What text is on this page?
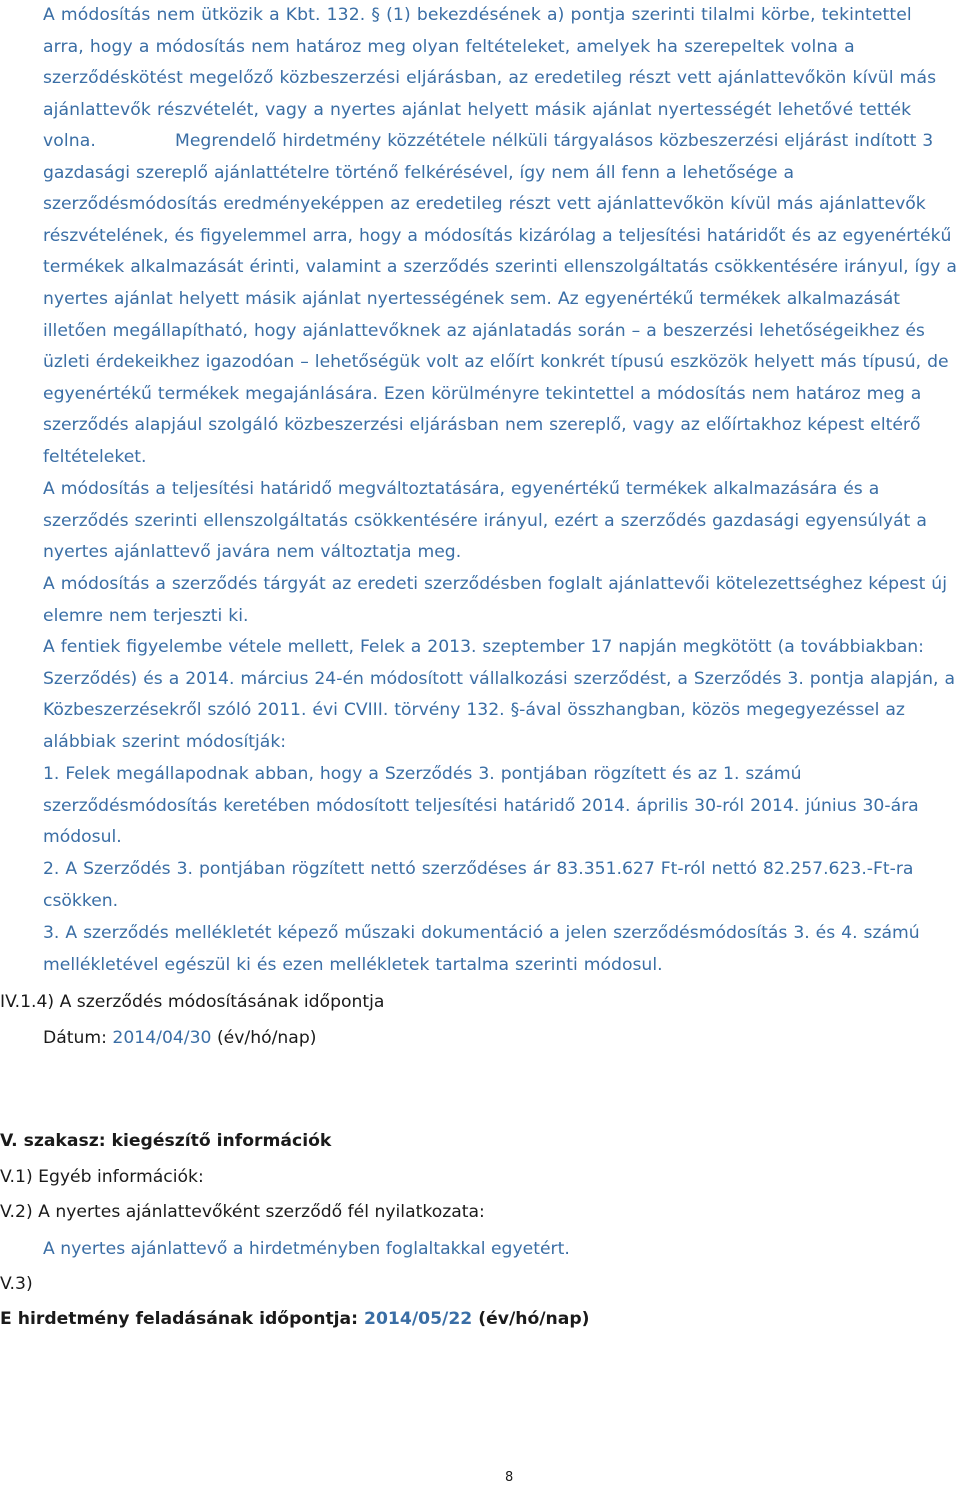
A módosítás nem ütközik a Kbt. 132. § (1) bekezdésének a) pontja szerinti tilalmi körbe, tekintettel arra, hogy a módosítás nem határoz meg olyan feltételeket, amelyek ha szerepeltek volna a szerződéskötést megelőző közbeszerzési eljárásban, az eredetileg részt vett ajánlattevőkön kívül más ajánlattevők részvételét, vagy a nyertes ajánlat helyett másik ajánlat nyertességét lehetővé tették volna.	Megrendelő hirdetmény közzététele nélküli tárgyalásos közbeszerzési eljárást indított 3 gazdasági szereplő ajánlattételre történő felkérésével, így nem áll fenn a lehetősége a szerződésmódosítás eredményeképpen az eredetileg részt vett ajánlattevőkön kívül más ajánlattevők részvételének, és figyelemmel arra, hogy a módosítás kizárólag a teljesítési határidőt és az egyenértékű termékek alkalmazását érinti, valamint a szerződés szerinti ellenszolgáltatás csökkentésére irányul, így a nyertes ajánlat helyett másik ajánlat nyertességének sem. Az egyenértékű termékek alkalmazását illetően megállapítható, hogy ajánlattevőknek az ajánlatadás során – a beszerzési lehetőségeikhez és üzleti érdekeikhez igazodóan – lehetőségük volt az előírt konkrét típusú eszközök helyett más típusú, de egyenértékű termékek megajánlására. Ezen körülményre tekintettel a módosítás nem határoz meg a szerződés alapjául szolgáló közbeszerzési eljárásban nem szereplő, vagy az előírtakhoz képest eltérő feltételeket.
A módosítás a teljesítési határidő megváltoztatására, egyenértékű termékek alkalmazására és a szerződés szerinti ellenszolgáltatás csökkentésére irányul, ezért a szerződés gazdasági egyensúlyát a nyertes ajánlattevő javára nem változtatja meg.
A módosítás a szerződés tárgyát az eredeti szerződésben foglalt ajánlattevői kötelezettséghez képest új elemre nem terjeszti ki.
A fentiek figyelembe vétele mellett, Felek a 2013. szeptember 17 napján megkötött (a továbbiakban: Szerződés) és a 2014. március 24-én módosított vállalkozási szerződést, a Szerződés 3. pontja alapján, a Közbeszerzésekről szóló 2011. évi CVIII. törvény 132. §-ával összhangban, közös megegyezéssel az alábbiak szerint módosítják:
1. Felek megállapodnak abban, hogy a Szerződés 3. pontjában rögzített és az 1. számú szerződésmódosítás keretében módosított teljesítési határidő 2014. április 30-ról 2014. június 30-ára módosul.
2. A Szerződés 3. pontjában rögzített nettó szerződéses ár 83.351.627 Ft-ról nettó 82.257.623.-Ft-ra csökken.
3. A szerződés mellékletét képező műszaki dokumentáció a jelen szerződésmódosítás 3. és 4. számú mellékletével egészül ki és ezen mellékletek tartalma szerinti módosul.
IV.1.4) A szerződés módosításának időpontja
Dátum: 2014/04/30 (év/hó/nap)
V. szakasz: kiegészítő információk
V.1) Egyéb információk:
V.2) A nyertes ajánlattevőként szerződő fél nyilatkozata:
A nyertes ajánlattevő a hirdetményben foglaltakkal egyetért.
V.3)
E hirdetmény feladásának időpontja: 2014/05/22 (év/hó/nap)
8
